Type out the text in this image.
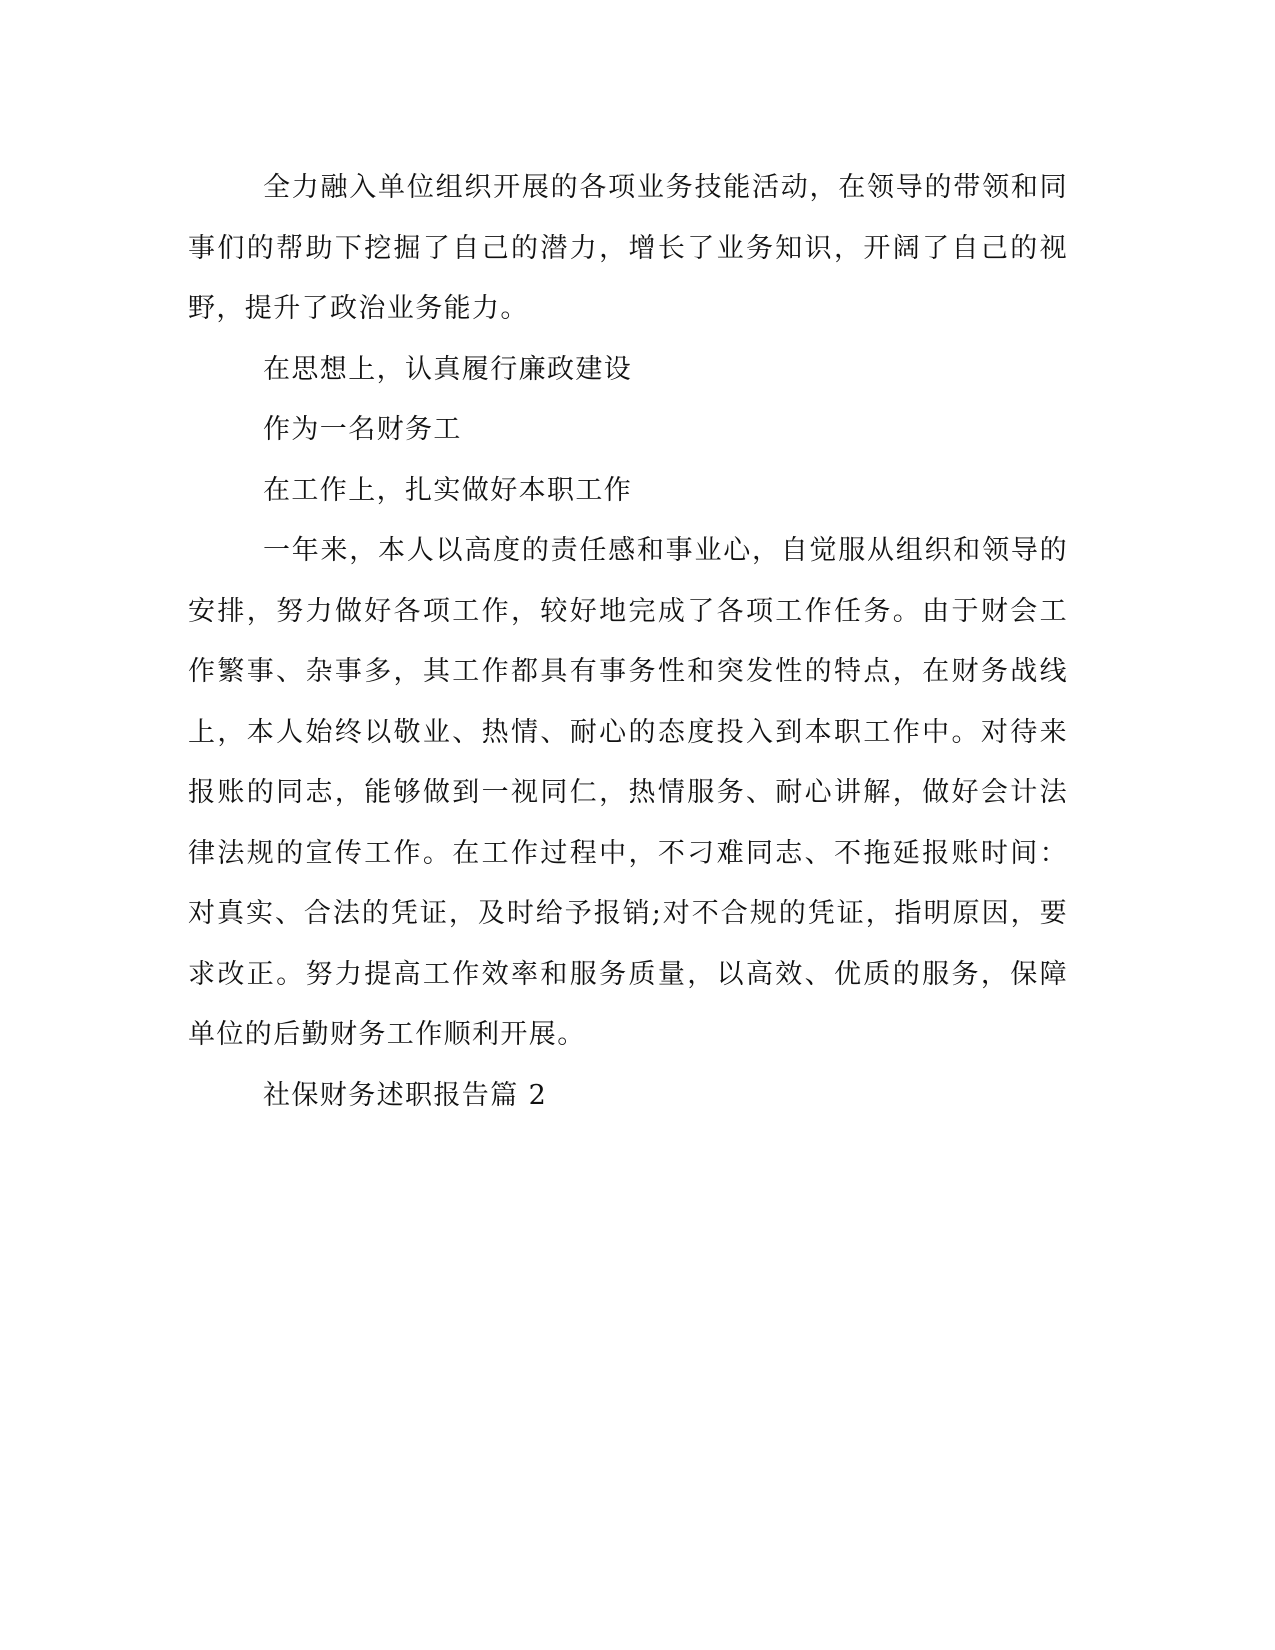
全力融入单位组织开展的各项业务技能活动，在领导的带领和同事们的帮助下挖掘了自己的潜力，增长了业务知识，开阔了自己的视野，提升了政治业务能力。

在思想上，认真履行廉政建设

作为一名财务工

在工作上，扎实做好本职工作

一年来，本人以高度的责任感和事业心，自觉服从组织和领导的安排，努力做好各项工作，较好地完成了各项工作任务。由于财会工作繁事、杂事多，其工作都具有事务性和突发性的特点，在财务战线上，本人始终以敬业、热情、耐心的态度投入到本职工作中。对待来报账的同志，能够做到一视同仁，热情服务、耐心讲解，做好会计法律法规的宣传工作。在工作过程中，不刁难同志、不拖延报账时间：对真实、合法的凭证，及时给予报销;对不合规的凭证，指明原因，要求改正。努力提高工作效率和服务质量，以高效、优质的服务，保障单位的后勤财务工作顺利开展。

社保财务述职报告篇 2
